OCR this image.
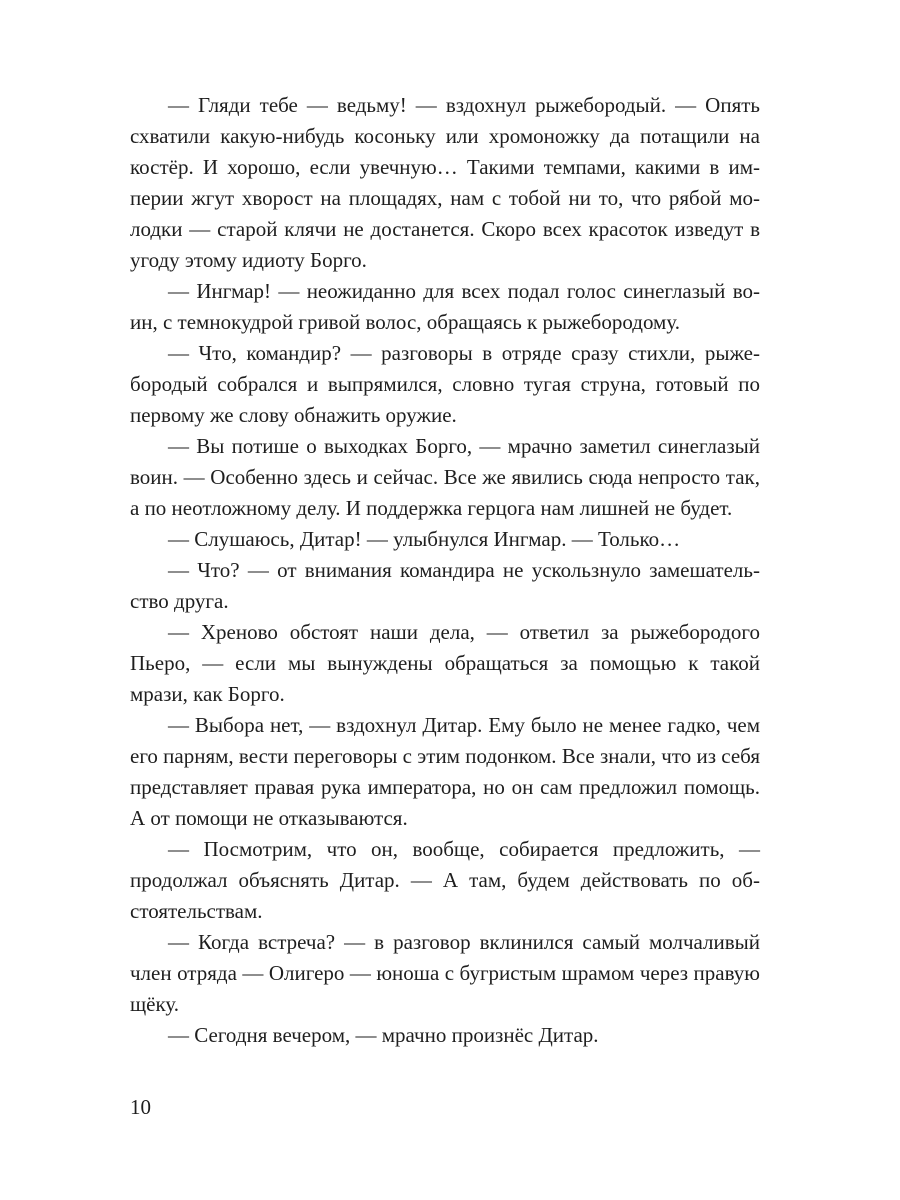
— Гляди тебе — ведьму! — вздохнул рыжебородый. — Опять схватили какую-нибудь косоньку или хромоножку да потащили на костёр. И хорошо, если увечную… Такими темпами, какими в империи жгут хворост на площадях, нам с тобой ни то, что рябой молодки — старой клячи не достанется. Скоро всех красоток изведут в угоду этому идиоту Борго.

— Ингмар! — неожиданно для всех подал голос синеглазый воин, с темнокудрой гривой волос, обращаясь к рыжебородому.

— Что, командир? — разговоры в отряде сразу стихли, рыжебородый собрался и выпрямился, словно тугая струна, готовый по первому же слову обнажить оружие.

— Вы потише о выходках Борго, — мрачно заметил синеглазый воин. — Особенно здесь и сейчас. Все же явились сюда непросто так, а по неотложному делу. И поддержка герцога нам лишней не будет.

— Слушаюсь, Дитар! — улыбнулся Ингмар. — Только…

— Что? — от внимания командира не ускользнуло замешательство друга.

— Хреново обстоят наши дела, — ответил за рыжебородого Пьеро, — если мы вынуждены обращаться за помощью к такой мрази, как Борго.

— Выбора нет, — вздохнул Дитар. Ему было не менее гадко, чем его парням, вести переговоры с этим подонком. Все знали, что из себя представляет правая рука императора, но он сам предложил помощь. А от помощи не отказываются.

— Посмотрим, что он, вообще, собирается предложить, — продолжал объяснять Дитар. — А там, будем действовать по обстоятельствам.

— Когда встреча? — в разговор вклинился самый молчаливый член отряда — Олигеро — юноша с бугристым шрамом через правую щёку.

— Сегодня вечером, — мрачно произнёс Дитар.

10
